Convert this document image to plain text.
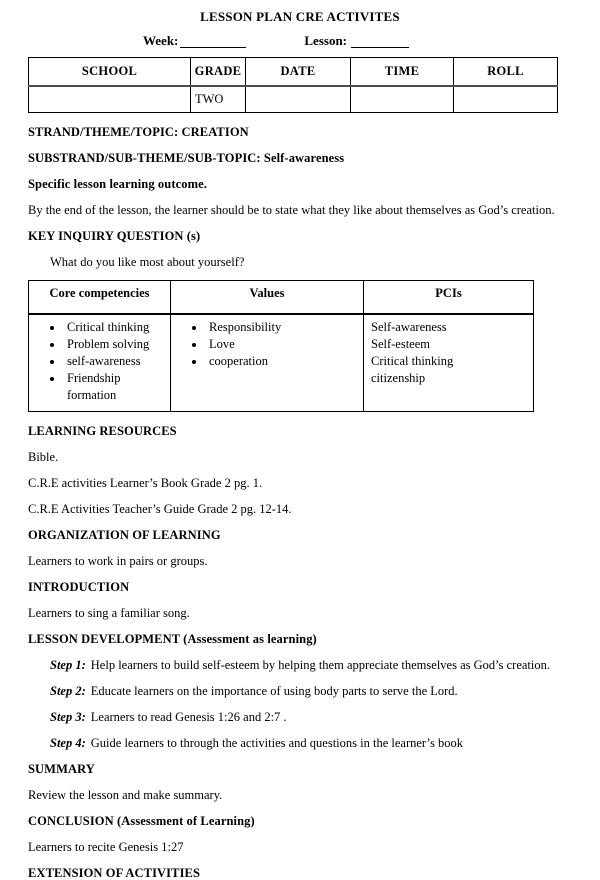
LESSON PLAN CRE ACTIVITES
Week:	Lesson:
SCHOOL	GRADE	DATE	TIME	ROLL
	TWO			
STRAND/THEME/TOPIC: CREATION
SUBSTRAND/SUB-THEME/SUB-TOPIC: Self-awareness
Specific lesson learning outcome.
By the end of the lesson, the learner should be to state what they like about themselves as God’s creation.
KEY INQUIRY QUESTION (s)
What do you like most about yourself?
Core competencies	Values	PCIs

• Critical thinking
• Problem solving
• self-awareness
• Friendship formation

• Responsibility
• Love
• cooperation

Self-awareness
Self-esteem
Critical thinking
citizenship
LEARNING RESOURCES
Bible.
C.R.E activities Learner’s Book Grade 2 pg. 1.
C.R.E Activities Teacher’s Guide Grade 2 pg. 12-14.
ORGANIZATION OF LEARNING
Learners to work in pairs or groups.
INTRODUCTION
Learners to sing a familiar song.
LESSON DEVELOPMENT (Assessment as learning)
Step 1: Help learners to build self-esteem by helping them appreciate themselves as God’s creation.
Step 2: Educate learners on the importance of using body parts to serve the Lord.
Step 3: Learners to read Genesis 1:26 and 2:7 .
Step 4: Guide learners to through the activities and questions in the learner’s book
SUMMARY
Review the lesson and make summary.
CONCLUSION (Assessment of Learning)
Learners to recite Genesis 1:27
EXTENSION OF ACTIVITIES
